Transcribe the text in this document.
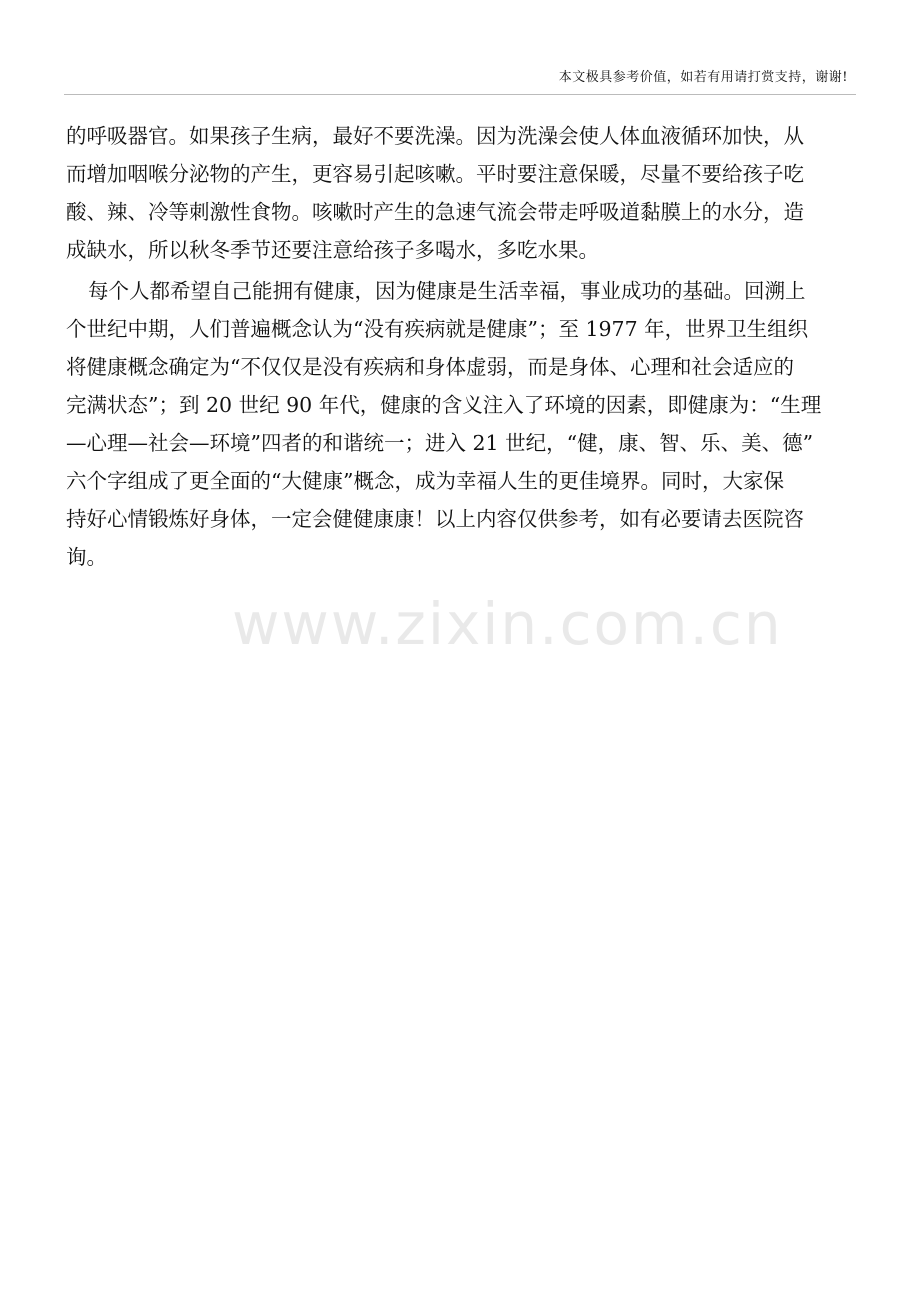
本文极具参考价值，如若有用请打赏支持，谢谢!
www.zixin.com.cn
的呼吸器官。如果孩子生病，最好不要洗澡。因为洗澡会使人体血液循环加快，从
而增加咽喉分泌物的产生，更容易引起咳嗽。平时要注意保暖，尽量不要给孩子吃
酸、辣、冷等刺激性食物。咳嗽时产生的急速气流会带走呼吸道黏膜上的水分，造
成缺水，所以秋冬季节还要注意给孩子多喝水，多吃水果。
每个人都希望自己能拥有健康，因为健康是生活幸福，事业成功的基础。回溯上
个世纪中期，人们普遍概念认为“没有疾病就是健康”；至 1977 年，世界卫生组织
将健康概念确定为“不仅仅是没有疾病和身体虚弱，而是身体、心理和社会适应的
完满状态”；到 20 世纪 90 年代，健康的含义注入了环境的因素，即健康为：“生理
—心理—社会—环境”四者的和谐统一；进入 21 世纪，“健，康、智、乐、美、德”
六个字组成了更全面的“大健康”概念，成为幸福人生的更佳境界。同时，大家保
持好心情锻炼好身体，一定会健健康康！以上内容仅供参考，如有必要请去医院咨
询。
